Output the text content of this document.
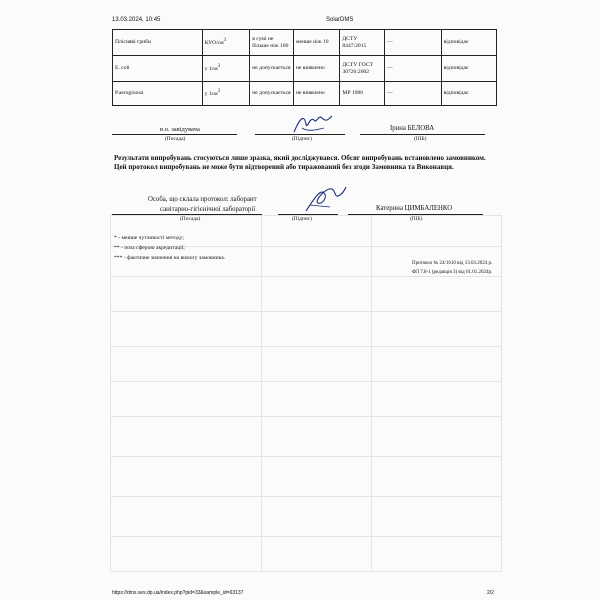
13.03.2024, 10:45	SolarDMS
Пліснявi гриби	КУО/$см^3$	в сумі не більше ніж 100	менше ніж 10	ДСТУ 8447:2015	—	відповідає
E. coli	у $1см^3$	не допускається	не виявлено	ДСТУ ГОСТ 30726:2002	—	відповідає
P.aeruginosa	у $1см^3$	не допускається	не виявлено	МР 1986	—	відповідає
в.о. завідувача
(Посада)	(Підпис)	(ПІБ)
Ірина БЕЛОВА
Результати випробувань стосуються лише зразка, який досліджувався. Обсяг випробувань встановлено замовником. Цей протокол випробувань не може бути відтворений або тиражований без згоди Замовника та Виконавця.
Особа, що склала протокол: лаборант
санітарно-гігієнічної лабораторії
(Посада)	(Підпис)	(ПІБ)
Катерина ЦИМБАЛЕНКО
* - менше чутливості методу;
** - поза сферою акредитації;
*** - фактичне значення на вимогу замовника.
Протокол № 24/1610 від 13.03.2024 р.
ФЛ 7.8-1 (редакція 3) від 01.01.2024р.
https://dms.ses.dp.ua/index.php?pid=33&sample_id=63137	2/2
